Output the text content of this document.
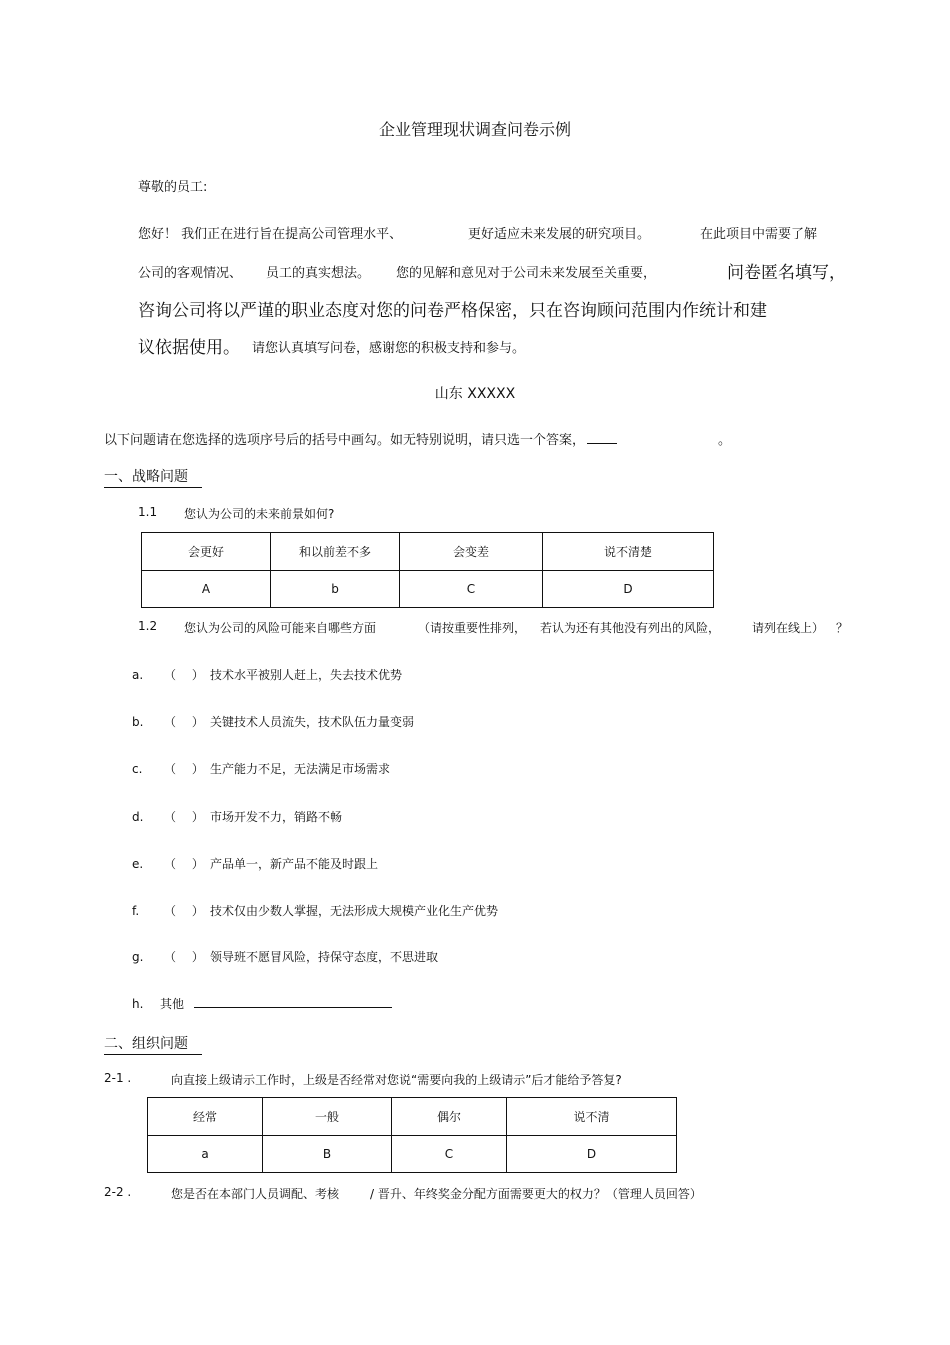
企业管理现状调查问卷示例
尊敬的员工:
您好！ 我们正在进行旨在提高公司管理水平、	更好适应未来发展的研究项目。	在此项目中需要了解
公司的客观情况、 员工的真实想法。 您的见解和意见对于公司未来发展至关重要，	问卷匿名填写，
咨询公司将以严谨的职业态度对您的问卷严格保密，只在咨询顾问范围内作统计和建
议依据使用。 请您认真填写问卷，感谢您的积极支持和参与。
山东 XXXXX
以下问题请在您选择的选项序号后的括号中画勾。如无特别说明，请只选一个答案，	。
一、战略问题
1.1 您认为公司的未来前景如何?
会更好	和以前差不多	会变差	说不清楚
A	b	C	D
1.2 您认为公司的风险可能来自哪些方面	（请按重要性排列， 若认为还有其他没有列出的风险，	请列在线上） ？
a. （　 ） 技术水平被别人赶上，失去技术优势
b. （　 ） 关键技术人员流失，技术队伍力量变弱
c. （　 ） 生产能力不足，无法满足市场需求
d. （　 ） 市场开发不力，销路不畅
e. （　 ） 产品单一，新产品不能及时跟上
f. （　 ） 技术仅由少数人掌握，无法形成大规模产业化生产优势
g. （　 ） 领导班不愿冒风险，持保守态度，不思进取
h. 其他
二、组织问题
2-1 .	向直接上级请示工作时，上级是否经常对您说“需要向我的上级请示”后才能给予答复?
经常	一般	偶尔	说不清
a	B	C	D
2-2 .	您是否在本部门人员调配、考核	/ 晋升、年终奖金分配方面需要更大的权力？（管理人员回答）
